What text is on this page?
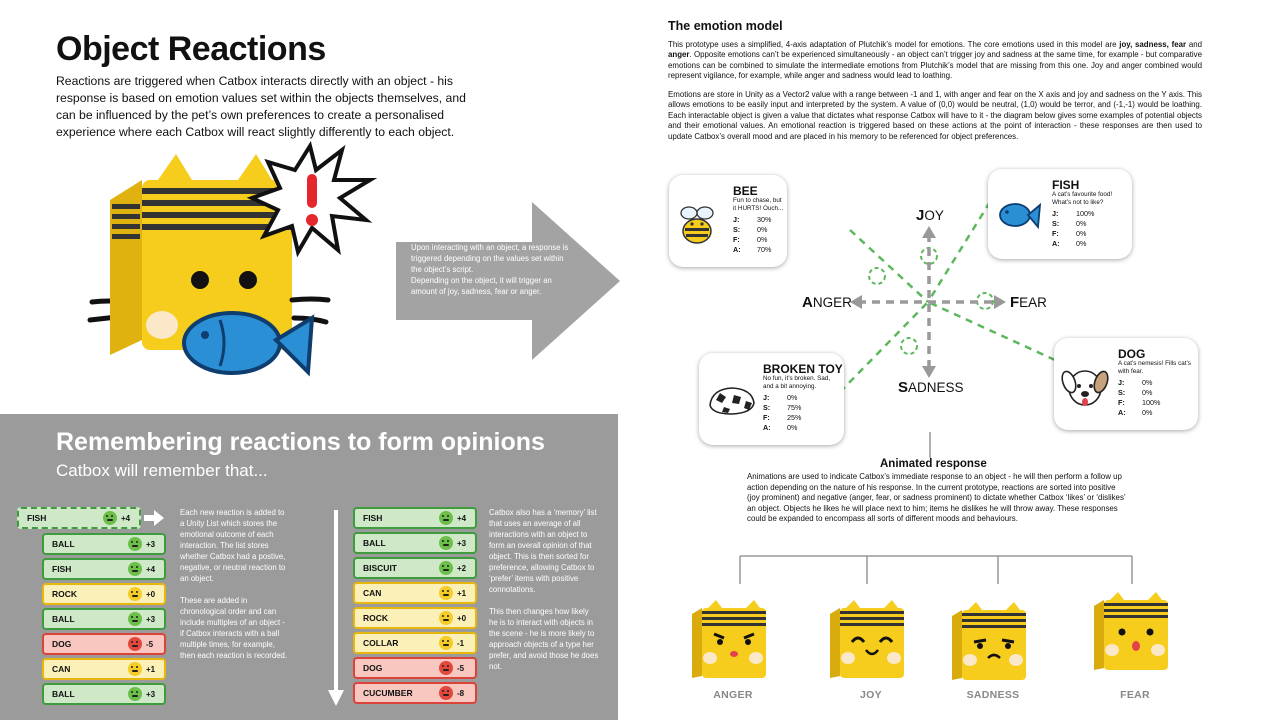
Object Reactions
Reactions are triggered when Catbox interacts directly with an object - his response is based on emotion values set within the objects themselves, and can be influenced by the pet’s own preferences to create a personalised experience where each Catbox will react slightly differently to each object.

Upon interacting with an object, a response is triggered depending on the values set within the object’s script.

Depending on the object, it will trigger an amount of joy, sadness, fear or anger.

Remembering reactions to form opinions
Catbox will remember that...
FISH	+4
BALL	+3
FISH	+4
ROCK	+0
BALL	+3
DOG	-5
CAN	+1
BALL	+3

Each new reaction is added to a Unity List which stores the emotional outcome of each interaction. The list stores whether Catbox had a postive, negative, or neutral reaction to an object.

These are added in chronological order and can include multiples of an object - if Catbox interacts with a ball multiple times, for example, then each reaction is recorded.

FISH	+4
BALL	+3
BISCUIT	+2
CAN	+1
ROCK	+0
COLLAR	-1
DOG	-5
CUCUMBER	-8

Catbox also has a ‘memory’ list that uses an average of all interactions with an object to form an overall opinion of that object. This is then sorted for preference, allowing Catbox to ‘prefer’ items with positive connotations.

This then changes how likely he is to interact with objects in the scene - he is more likely to approach objects of a type her prefer, and avoid those he does not.

The emotion model
This prototype uses a simplified, 4-axis adaptation of Plutchik’s model for emotions. The core emotions used in this model are joy, sadness, fear and anger. Opposite emotions can’t be experienced simultaneously - an object can’t trigger joy and sadness at the same time, for example - but comparative emotions can be combined to simulate the intermediate emotions from Plutchik’s model that are missing from this one. Joy and anger combined would represent vigilance, for example, while anger and sadness would lead to loathing.
Emotions are store in Unity as a Vector2 value with a range between -1 and 1, with anger and fear on the X axis and joy and sadness on the Y axis. This allows emotions to be easily input and interpreted by the system. A value of (0,0) would be neutral, (1,0) would be terror, and (-1,-1) would be loathing. Each interactable object is given a value that dictates what response Catbox will have to it - the diagram below gives some examples of potential objects and their emotional values. An emotional reaction is triggered based on these actions at the point of interaction - these responses are then used to update Catbox’s overall mood and are placed in his memory to be referenced for object preferences.
JOY
ANGER	FEAR
SADNESS
BEE
Fun to chase, but it HURTS! Ouch...
J:	30%
S:	0%
F:	0%
A:	70%
FISH
A cat’s favourite food! What’s not to like?
J:	100%
S:	0%
F:	0%
A:	0%
BROKEN TOY
No fun, it’s broken. Sad, and a bit annoying.
J:	0%
S:	75%
F:	25%
A:	0%
DOG
A cat’s nemesis! Fills cat’s with fear.
J:	0%
S:	0%
F:	100%
A:	0%
Animated response
Animations are used to indicate Catbox’s immediate response to an object - he will then perform a follow up action depending on the nature of his response. In the current prototype, reactions are sorted into positive (joy prominent) and negative (anger, fear, or sadness prominent) to dictate whether Catbox ‘likes’ or ‘dislikes’ an object. Objects he likes he will place next to him; items he dislikes he will throw away. These responses could be expanded to encompass all sorts of different moods and behaviours.
ANGER	JOY	SADNESS	FEAR
